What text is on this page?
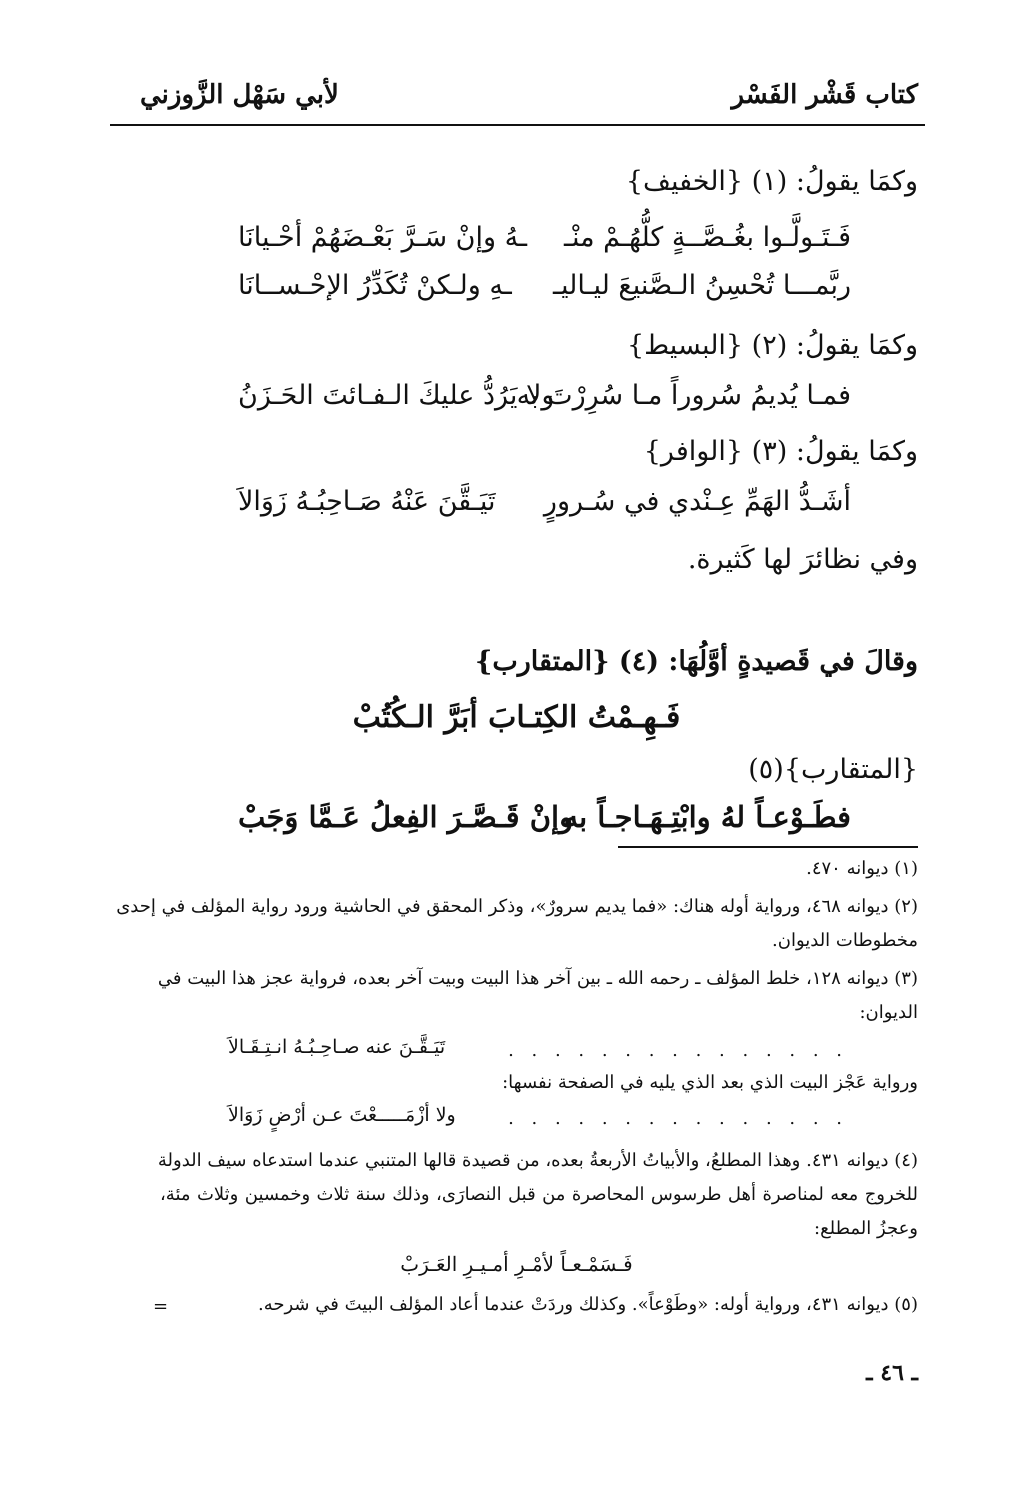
كتاب قَشْر الفَسْر
لأبي سَهْل الزَّوزني
وكمَا يقولُ: (١) {الخفيف}
فَـتَـولَّـوا بغُـصَّــةٍ كلُّهُـمْ منْـ
ـهُ وإنْ سَـرَّ بَعْـضَهُمْ أحْـيانَا
ربَّمـــا تُحْسِنُ الـصَّنيعَ ليـاليـ
ـهِ ولـكنْ تُكَدِّرُ الإحْـســانَا
وكمَا يقولُ: (٢) {البسيط}
فمـا يُديمُ سُروراً مـا سُرِرْتَ به
ولا يَرُدُّ عليكَ الـفـائتَ الحَـزَنُ
وكمَا يقولُ: (٣) {الوافر}
أشَـدُّ الهَمِّ عِـنْدي في سُـرورٍ
تَيَـقَّنَ عَنْهُ صَـاحِبُـهُ زَوَالاَ
وفي نظائرَ لها كَثيرة.
وقالَ في قَصيدةٍ أوَّلُهَا: (٤) {المتقارب}
فَـهِـمْتُ الكِتـابَ أبَرَّ الـكُتُبْ
{المتقارب}(٥)
فطَـوْعـاً لهُ وابْتِـهَـاجـاً به
وإنْ قَـصَّـرَ الفِعلُ عَـمَّا وَجَبْ
(١) ديوانه ٤٧٠.
(٢) ديوانه ٤٦٨، ورواية أوله هناك: «فما يديم سرورٌ»، وذكر المحقق في الحاشية ورود رواية المؤلف في إحدى
مخطوطات الديوان.
(٣) ديوانه ١٢٨، خلط المؤلف ـ رحمه الله ـ بين آخر هذا البيت وبيت آخر بعده، فرواية عجز هذا البيت في
الديوان:
. . . . . . . . . . . . . . .
تَيَـقَّـنَ عنه صـاحِـبُـهُ انـتِـقَـالاَ
ورواية عَجْز البيت الذي بعد الذي يليه في الصفحة نفسها:
. . . . . . . . . . . . . . .
ولا أزْمَـــــعْتَ عـن أرْضٍ زَوَالاَ
(٤) ديوانه ٤٣١. وهذا المطلعُ، والأبياتُ الأربعةُ بعده، من قصيدة قالها المتنبي عندما استدعاه سيف الدولة
للخروج معه لمناصرة أهل طرسوس المحاصرة من قبل النصارَى، وذلك سنة ثلاث وخمسين وثلاث مئة،
وعجزُ المطلع:
فَـسَمْـعـاً لأمْـرِ أمـيـرِ العَـرَبْ
(٥) ديوانه ٤٣١، ورواية أوله: «وطَوْعاً». وكذلك وردَتْ عندما أعاد المؤلف البيتَ في شرحه.
=
ـ ٤٦ ـ
